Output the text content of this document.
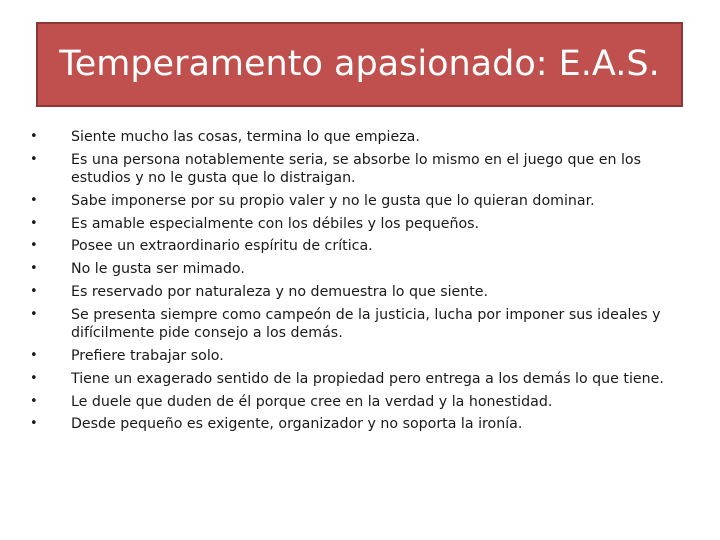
Temperamento apasionado: E.A.S.
•	Siente mucho las cosas, termina lo que empieza.
•	Es una persona notablemente seria, se absorbe lo mismo en el juego que en los estudios y no le gusta que lo distraigan.
•	Sabe imponerse por su propio valer y no le gusta que lo quieran dominar.
•	Es amable especialmente con los débiles y los pequeños.
•	Posee un extraordinario espíritu de crítica.
•	No le gusta ser mimado.
•	Es reservado por naturaleza y no demuestra lo que siente.
•	Se presenta siempre como campeón de la justicia, lucha por imponer sus ideales y difícilmente pide consejo a los demás.
•	Prefiere trabajar solo.
•	Tiene un exagerado sentido de la propiedad pero entrega a los demás lo que tiene.
•	Le duele que duden de él porque cree en la verdad y la honestidad.
•	Desde pequeño es exigente, organizador y no soporta la ironía.
